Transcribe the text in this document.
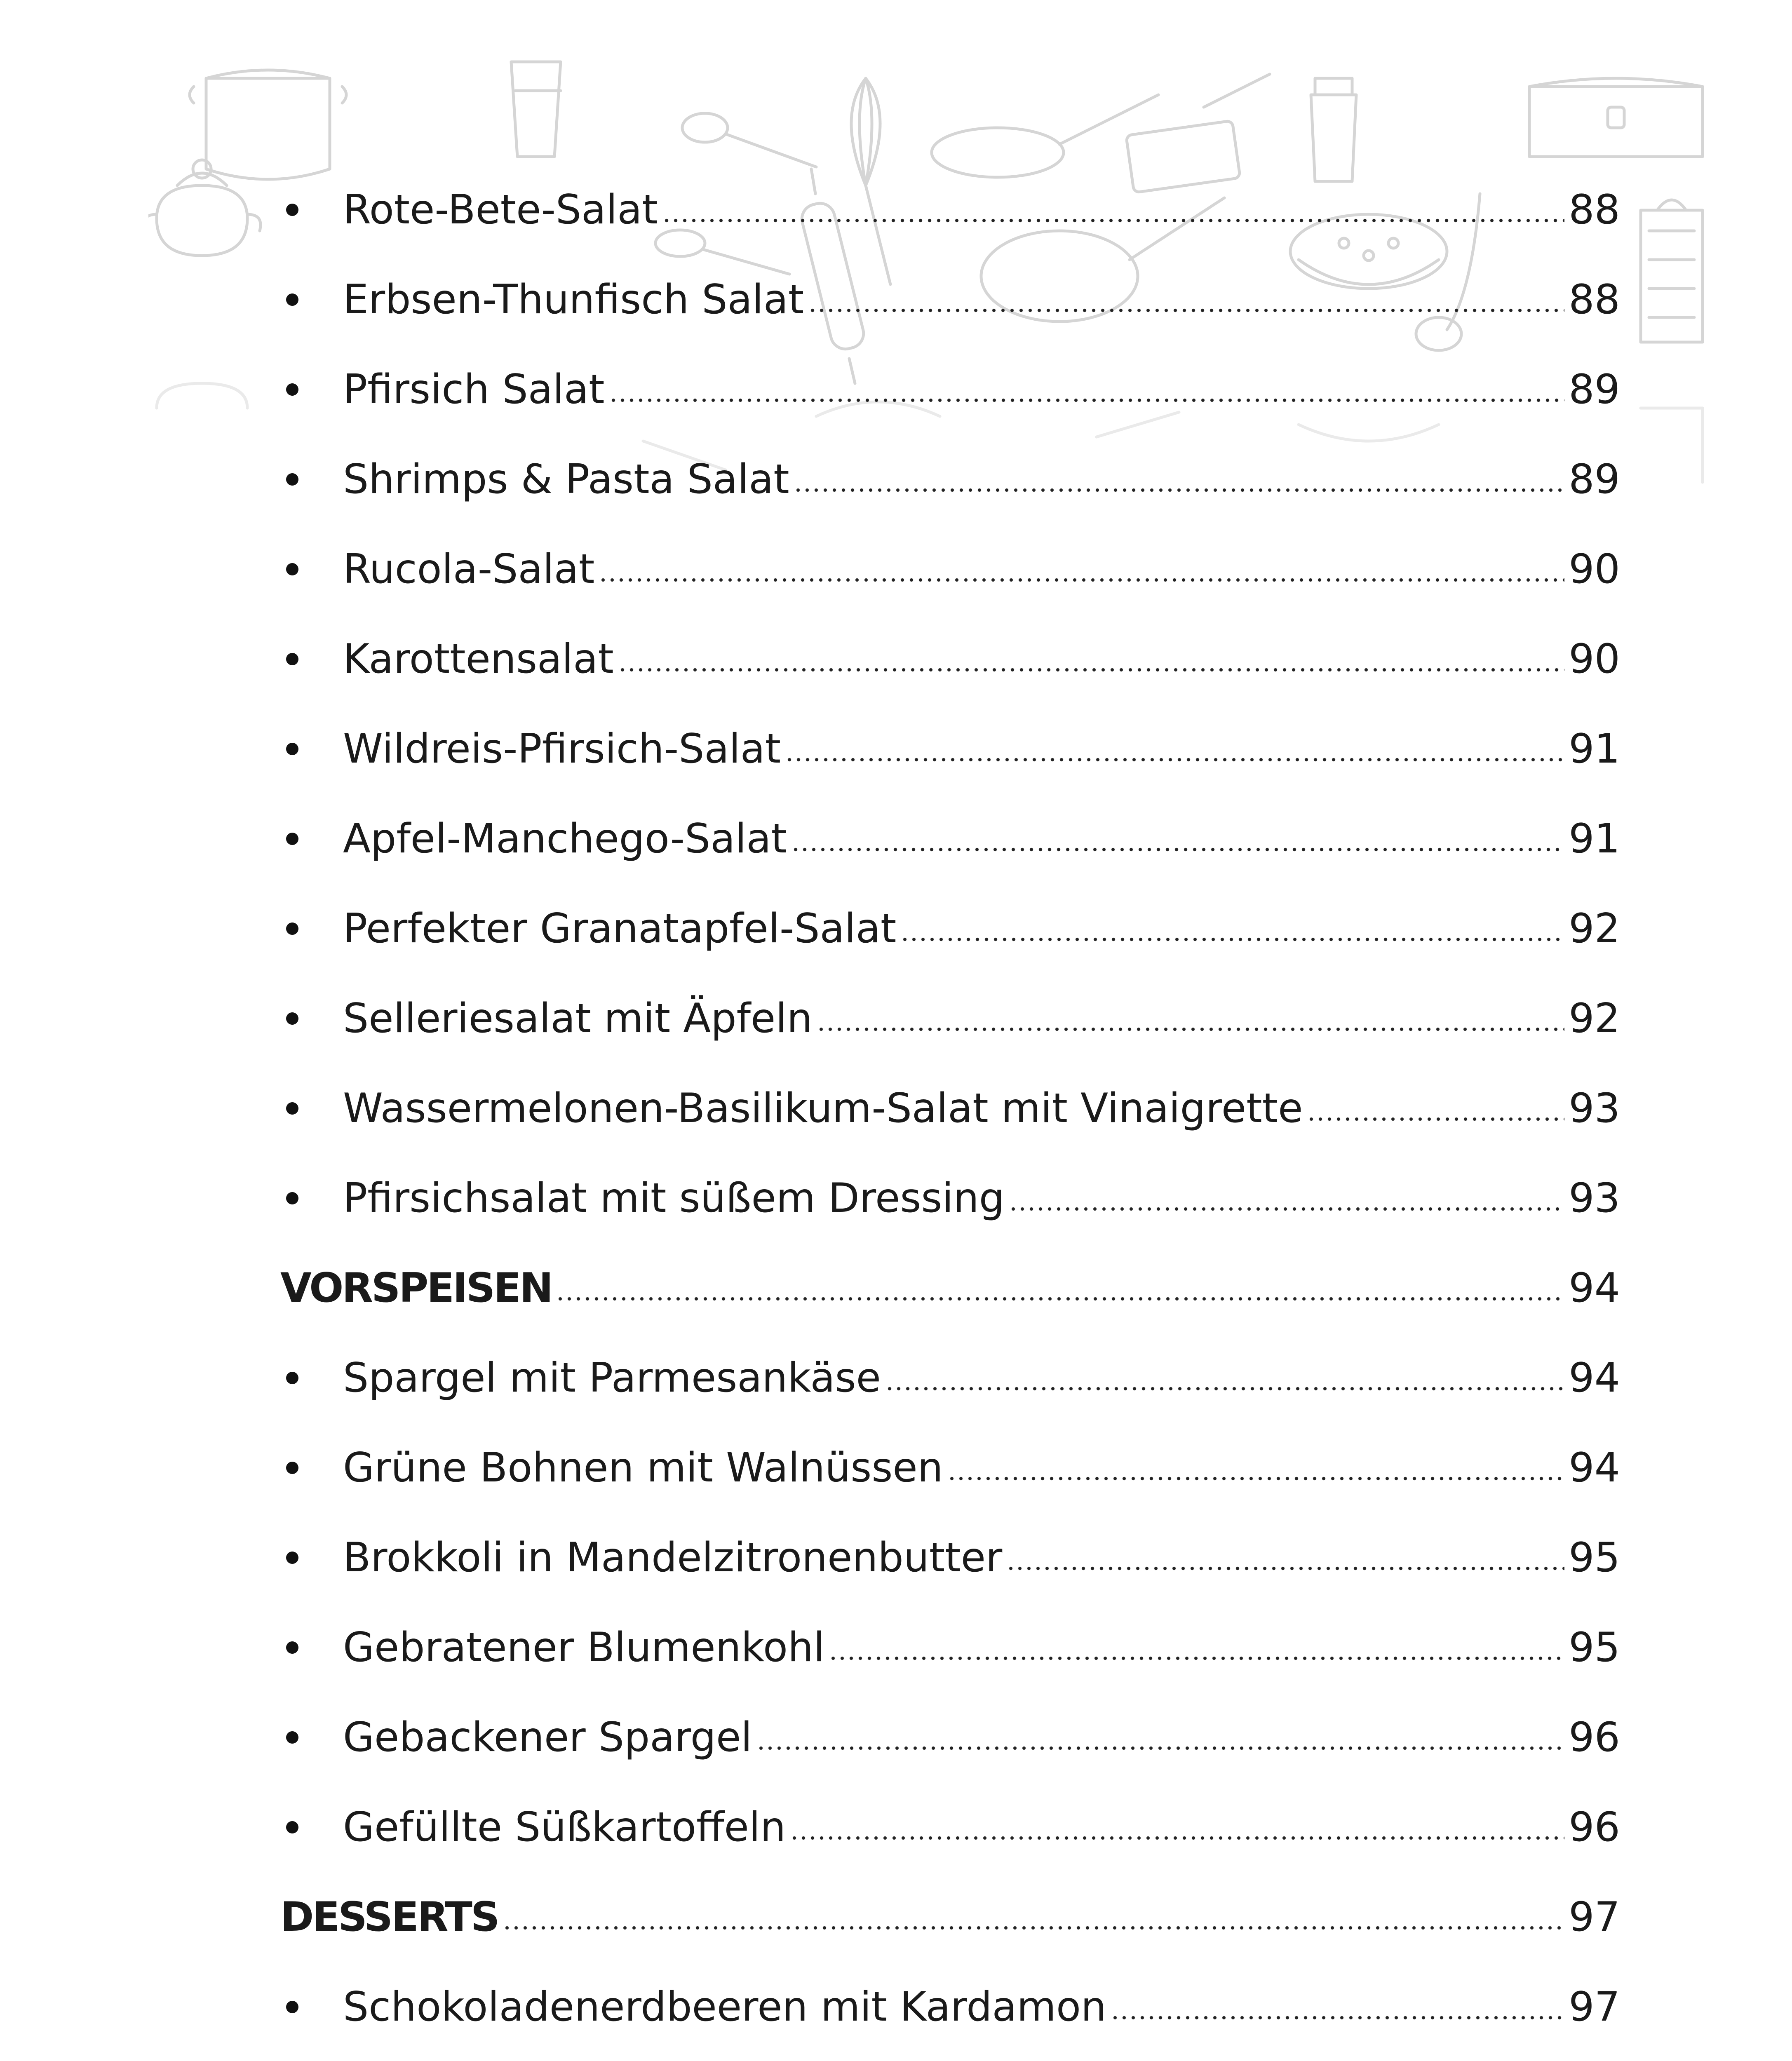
Rote-Bete-Salat	88
Erbsen-Thunfisch Salat	88
Pfirsich Salat	89
Shrimps & Pasta Salat	89
Rucola-Salat	90
Karottensalat	90
Wildreis-Pfirsich-Salat	91
Apfel-Manchego-Salat	91
Perfekter Granatapfel-Salat	92
Selleriesalat mit Äpfeln	92
Wassermelonen-Basilikum-Salat mit Vinaigrette	93
Pfirsichsalat mit süßem Dressing	93
VORSPEISEN	94
Spargel mit Parmesankäse	94
Grüne Bohnen mit Walnüssen	94
Brokkoli in Mandelzitronenbutter	95
Gebratener Blumenkohl	95
Gebackener Spargel	96
Gefüllte Süßkartoffeln	96
DESSERTS	97
Schokoladenerdbeeren mit Kardamon	97
